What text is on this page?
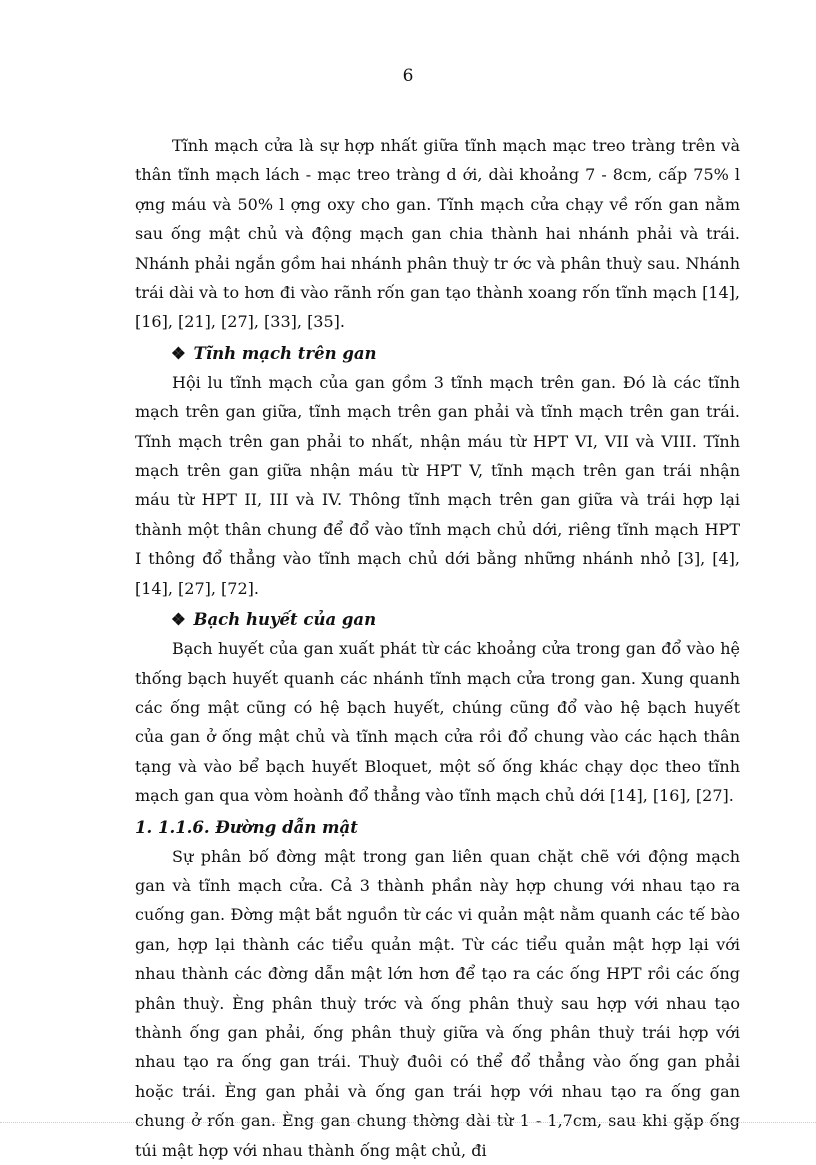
6

Tĩnh mạch cửa là sự hợp nhất giữa tĩnh mạch mạc treo tràng trên và thân tĩnh mạch lách - mạc treo tràng d ới, dài khoảng 7 - 8cm, cấp 75% l ợng máu và 50% l ợng oxy cho gan. Tĩnh mạch cửa chạy về rốn gan nằm sau ống mật chủ và động mạch gan chia thành hai nhánh phải và trái. Nhánh phải ngắn gồm hai nhánh phân thuỳ tr ớc và phân thuỳ sau. Nhánh trái dài và to hơn đi vào rãnh rốn gan tạo thành xoang rốn tĩnh mạch [14], [16], [21], [27], [33], [35].

❖ Tĩnh mạch trên gan

Hội lu tĩnh mạch của gan gồm 3 tĩnh mạch trên gan. Đó là các tĩnh mạch trên gan giữa, tĩnh mạch trên gan phải và tĩnh mạch trên gan trái. Tĩnh mạch trên gan phải to nhất, nhận máu từ HPT VI, VII và VIII. Tĩnh mạch trên gan giữa nhận máu từ HPT V, tĩnh mạch trên gan trái nhận máu từ HPT II, III và IV. Thông tĩnh mạch trên gan giữa và trái hợp lại thành một thân chung để đổ vào tĩnh mạch chủ dới, riêng tĩnh mạch HPT I thông đổ thẳng vào tĩnh mạch chủ dới bằng những nhánh nhỏ [3], [4], [14], [27], [72].

❖ Bạch huyết của gan

Bạch huyết của gan xuất phát từ các khoảng cửa trong gan đổ vào hệ thống bạch huyết quanh các nhánh tĩnh mạch cửa trong gan. Xung quanh các ống mật cũng có hệ bạch huyết, chúng cũng đổ vào hệ bạch huyết của gan ở ống mật chủ và tĩnh mạch cửa rồi đổ chung vào các hạch thân tạng và vào bể bạch huyết Bloquet, một số ống khác chạy dọc theo tĩnh mạch gan qua vòm hoành đổ thẳng vào tĩnh mạch chủ dới [14], [16], [27].

1. 1.1.6. Đường dẫn mật

Sự phân bố đờng mật trong gan liên quan chặt chẽ với động mạch gan và tĩnh mạch cửa. Cả 3 thành phần này hợp chung với nhau tạo ra cuống gan. Đờng mật bắt nguồn từ các vi quản mật nằm quanh các tế bào gan, hợp lại thành các tiểu quản mật. Từ các tiểu quản mật hợp lại với nhau thành các đờng dẫn mật lớn hơn để tạo ra các ống HPT rồi các ống phân thuỳ. Èng phân thuỳ trớc và ống phân thuỳ sau hợp với nhau tạo thành ống gan phải, ống phân thuỳ giữa và ống phân thuỳ trái hợp với nhau tạo ra ống gan trái. Thuỳ đuôi có thể đổ thẳng vào ống gan phải hoặc trái. Èng gan phải và ống gan trái hợp với nhau tạo ra ống gan chung ở rốn gan. Èng gan chung thờng dài từ 1 - 1,7cm, sau khi gặp ống túi mật hợp với nhau thành ống mật chủ, đi
